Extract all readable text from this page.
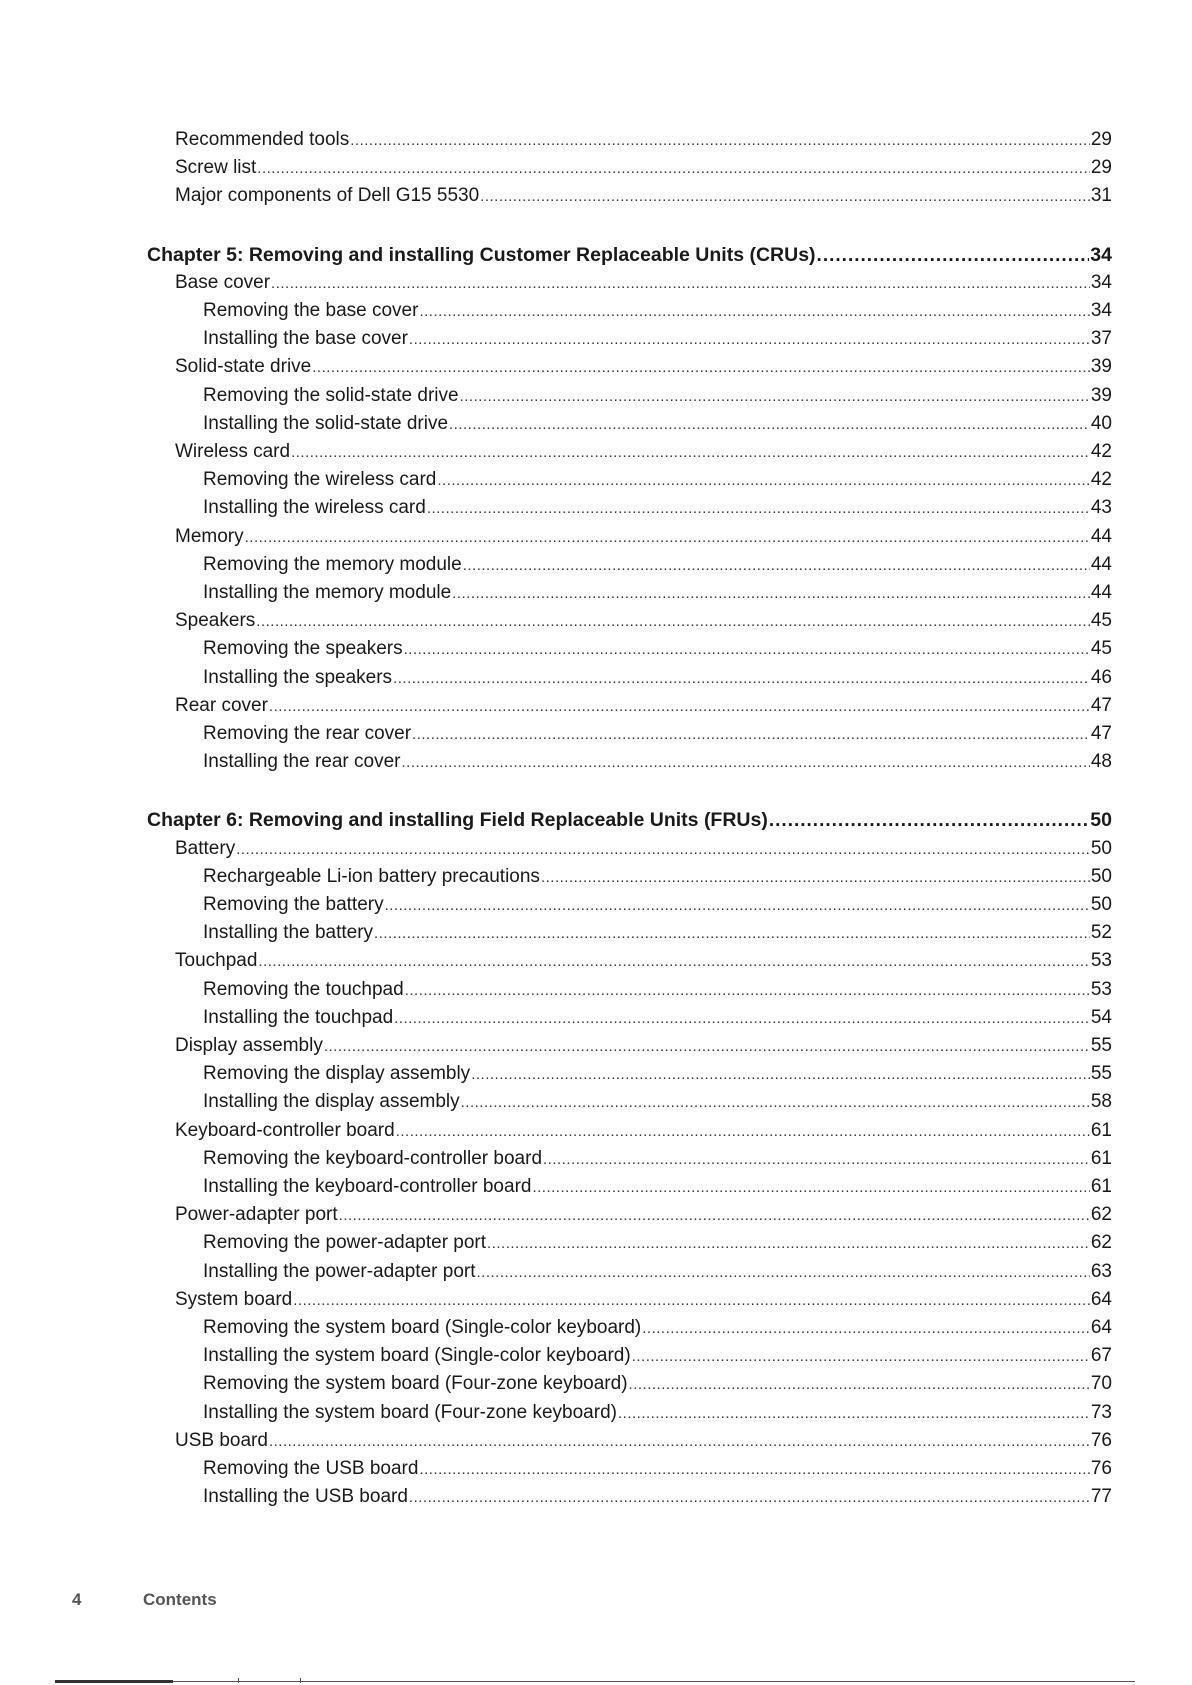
Recommended tools .....	29
Screw list .....	29
Major components of Dell G15 5530 .....	31
Chapter 5: Removing and installing Customer Replaceable Units (CRUs) .....	34
Base cover .....	34
Removing the base cover .....	34
Installing the base cover .....	37
Solid-state drive .....	39
Removing the solid-state drive .....	39
Installing the solid-state drive .....	40
Wireless card .....	42
Removing the wireless card .....	42
Installing the wireless card .....	43
Memory .....	44
Removing the memory module .....	44
Installing the memory module .....	44
Speakers .....	45
Removing the speakers .....	45
Installing the speakers .....	46
Rear cover .....	47
Removing the rear cover .....	47
Installing the rear cover .....	48
Chapter 6: Removing and installing Field Replaceable Units (FRUs) .....	50
Battery .....	50
Rechargeable Li-ion battery precautions .....	50
Removing the battery .....	50
Installing the battery .....	52
Touchpad .....	53
Removing the touchpad .....	53
Installing the touchpad .....	54
Display assembly .....	55
Removing the display assembly .....	55
Installing the display assembly .....	58
Keyboard-controller board .....	61
Removing the keyboard-controller board .....	61
Installing the keyboard-controller board .....	61
Power-adapter port .....	62
Removing the power-adapter port .....	62
Installing the power-adapter port .....	63
System board .....	64
Removing the system board (Single-color keyboard) .....	64
Installing the system board (Single-color keyboard) .....	67
Removing the system board (Four-zone keyboard) .....	70
Installing the system board (Four-zone keyboard) .....	73
USB board .....	76
Removing the USB board .....	76
Installing the USB board .....	77
4	Contents
